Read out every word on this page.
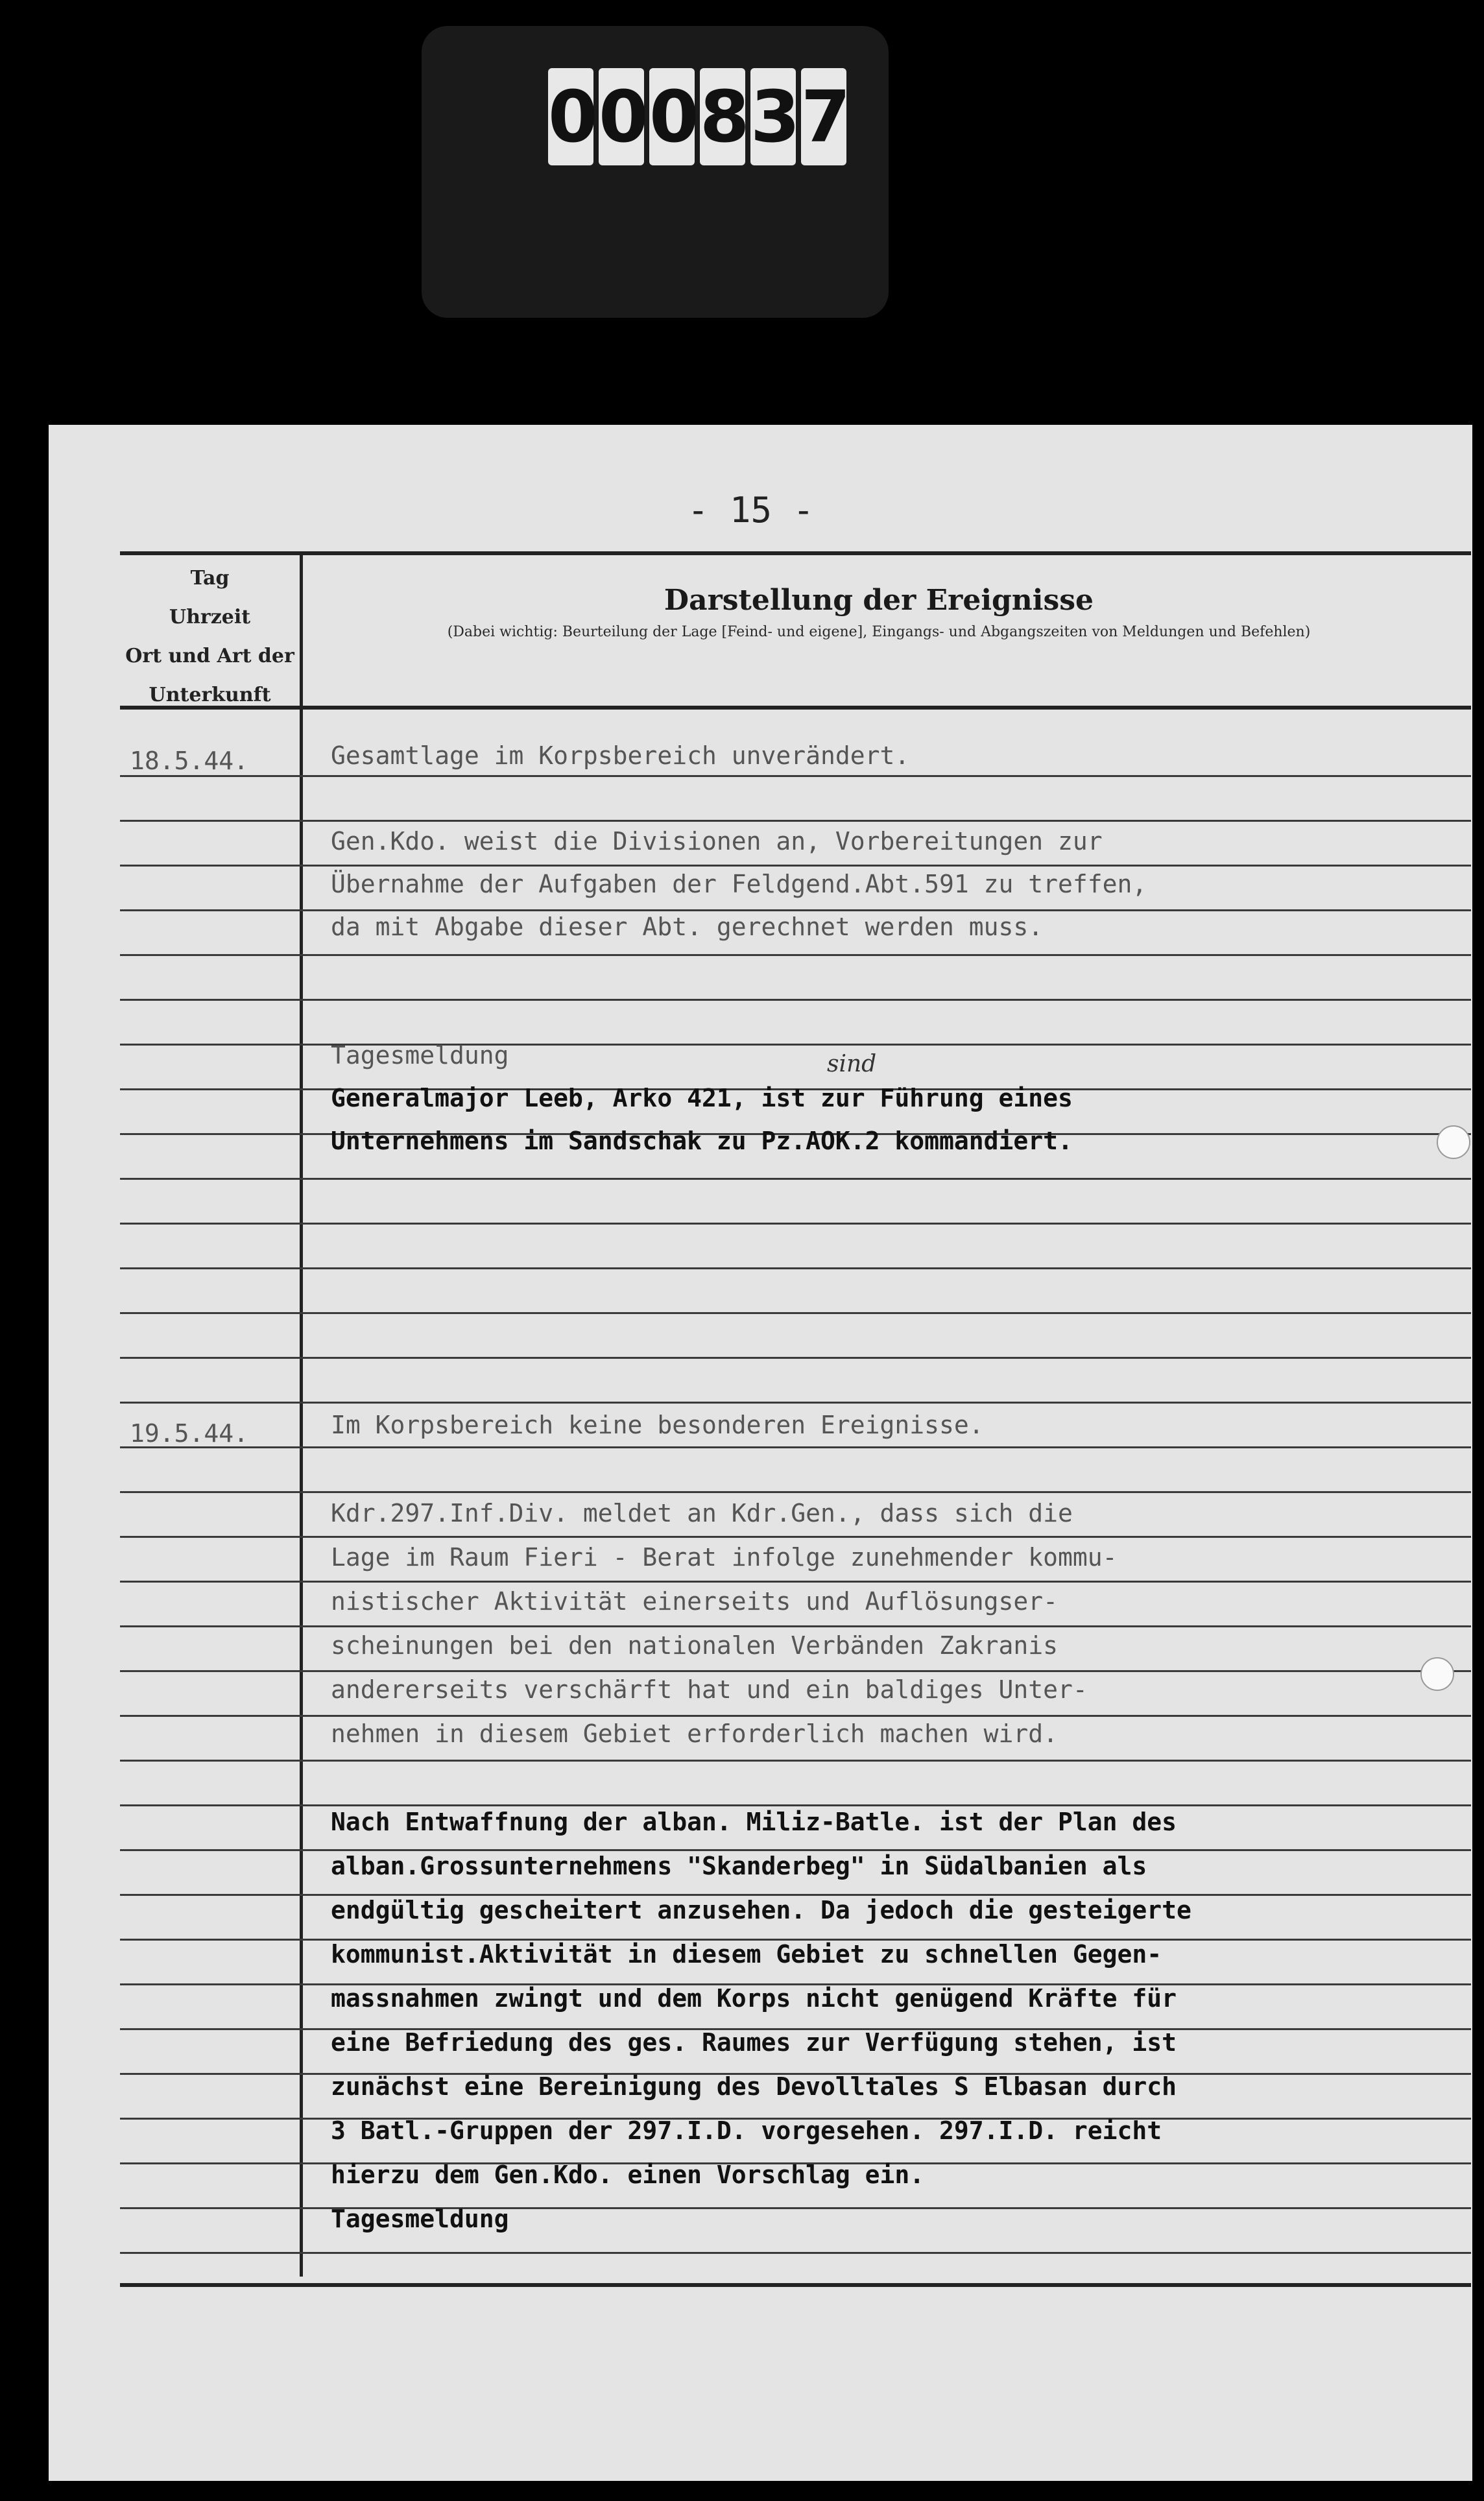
0 0 0 8 3 7
- 15 -
Tag
Uhrzeit
Ort und Art der
Unterkunft
Darstellung der Ereignisse
(Dabei wichtig: Beurteilung der Lage [Feind- und eigene], Eingangs- und Abgangszeiten von Meldungen und Befehlen)
18.5.44.
19.5.44.
Gesamtlage im Korpsbereich unverändert.
Gen.Kdo. weist die Divisionen an, Vorbereitungen zur
Übernahme der Aufgaben der Feldgend.Abt.591 zu treffen,
da mit Abgabe dieser Abt. gerechnet werden muss.
Tagesmeldung
Generalmajor Leeb, Arko 421, ist zur Führung eines
Unternehmens im Sandschak zu Pz.AOK.2 kommandiert.
Im Korpsbereich keine besonderen Ereignisse.
Kdr.297.Inf.Div. meldet an Kdr.Gen., dass sich die
Lage im Raum Fieri - Berat infolge zunehmender kommu-
nistischer Aktivität einerseits und Auflösungser-
scheinungen bei den nationalen Verbänden Zakranis
andererseits verschärft hat und ein baldiges Unter-
nehmen in diesem Gebiet erforderlich machen wird.
Nach Entwaffnung der alban. Miliz-Batle. ist der Plan des
alban.Grossunternehmens "Skanderbeg" in Südalbanien als
endgültig gescheitert anzusehen. Da jedoch die gesteigerte
kommunist.Aktivität in diesem Gebiet zu schnellen Gegen-
massnahmen zwingt und dem Korps nicht genügend Kräfte für
eine Befriedung des ges. Raumes zur Verfügung stehen, ist
zunächst eine Bereinigung des Devolltales S Elbasan durch
3 Batl.-Gruppen der 297.I.D. vorgesehen. 297.I.D. reicht
hierzu dem Gen.Kdo. einen Vorschlag ein.
Tagesmeldung
sind
